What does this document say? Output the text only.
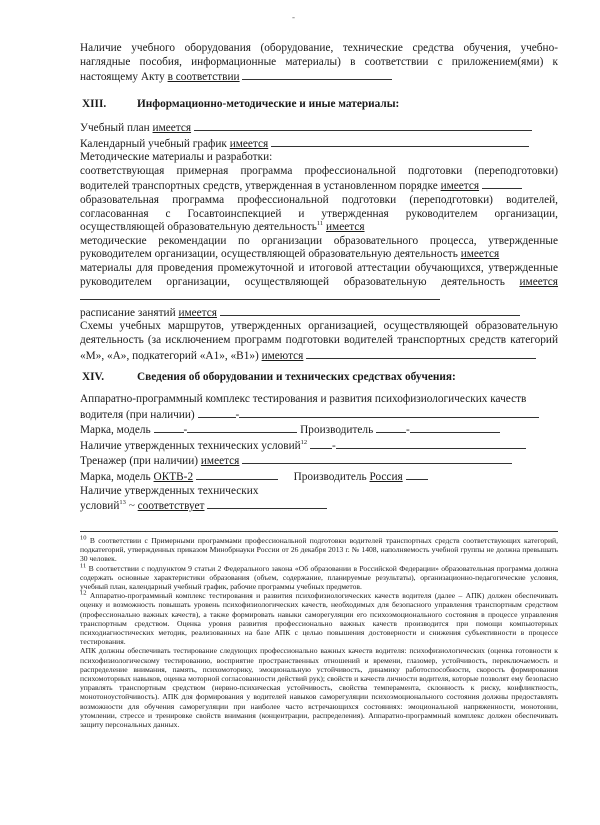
-
Наличие учебного оборудования (оборудование, технические средства обучения, учебно-наглядные пособия, информационные материалы) в соответствии с приложением(ями) к настоящему Акту в соответствии
XIII.	Информационно-методические и иные материалы:
Учебный план имеется
Календарный учебный график имеется
Методические материалы и разработки:
соответствующая примерная программа профессиональной подготовки (переподготовки) водителей транспортных средств, утвержденная в установленном порядке имеется
образовательная программа профессиональной подготовки (переподготовки) водителей, согласованная с Госавтоинспекцией и утвержденная руководителем организации, осуществляющей образовательную деятельность$^{11}$ имеется
методические рекомендации по организации образовательного процесса, утвержденные руководителем организации, осуществляющей образовательную деятельность имеется
материалы для проведения промежуточной и итоговой аттестации обучающихся, утвержденные руководителем организации, осуществляющей образовательную деятельность имеется
расписание занятий имеется
Схемы учебных маршрутов, утвержденных организацией, осуществляющей образовательную деятельность (за исключением программ подготовки водителей транспортных средств категорий «M», «A», подкатегорий «A1», «B1») имеются
XIV.	Сведения об оборудовании и технических средствах обучения:
Аппаратно-программный комплекс тестирования и развития психофизиологических качеств
водителя (при наличии)	-
Марка, модель	-	Производитель	-
Наличие утвержденных технических условий$^{12}$ -
Тренажер (при наличии) имеется
Марка, модель ОКТВ-2	Производитель Россия
Наличие утвержденных технических
условий$^{13}$ ~ соответствует
$^{10}$ В соответствии с Примерными программами профессиональной подготовки водителей транспортных средств соответствующих категорий, подкатегорий, утвержденных приказом Минобрнауки России от 26 декабря 2013 г. № 1408, наполняемость учебной группы не должна превышать 30 человек.
$^{11}$ В соответствии с подпунктом 9 статьи 2 Федерального закона «Об образовании в Российской Федерации» образовательная программа должна содержать основные характеристики образования (объем, содержание, планируемые результаты), организационно-педагогические условия, учебный план, календарный учебный график, рабочие программы учебных предметов.
$^{12}$ Аппаратно-программный комплекс тестирования и развития психофизиологических качеств водителя (далее – АПК) должен обеспечивать оценку и возможность повышать уровень психофизиологических качеств, необходимых для безопасного управления транспортным средством (профессионально важных качеств), а также формировать навыки саморегуляции его психоэмоционального состояния в процессе управления транспортным средством. Оценка уровня развития профессионально важных качеств производится при помощи компьютерных психодиагностических методик, реализованных на базе АПК с целью повышения достоверности и снижения субъективности в процессе тестирования.
АПК должны обеспечивать тестирование следующих профессионально важных качеств водителя: психофизиологических (оценка готовности к психофизиологическому тестированию, восприятие пространственных отношений и времени, глазомер, устойчивость, переключаемость и распределение внимания, память, психомоторику, эмоциональную устойчивость, динамику работоспособности, скорость формирования психомоторных навыков, оценка моторной согласованности действий рук); свойств и качеств личности водителя, которые позволят ему безопасно управлять транспортным средством (нервно-психическая устойчивость, свойства темперамента, склонность к риску, конфликтность, монотоноустойчивость). АПК для формирования у водителей навыков саморегуляции психоэмоционального состояния должны предоставлять возможности для обучения саморегуляции при наиболее часто встречающихся состояниях: эмоциональной напряженности, монотонии, утомлении, стрессе и тренировке свойств внимания (концентрации, распределения). Аппаратно-программный комплекс должен обеспечивать защиту персональных данных.
